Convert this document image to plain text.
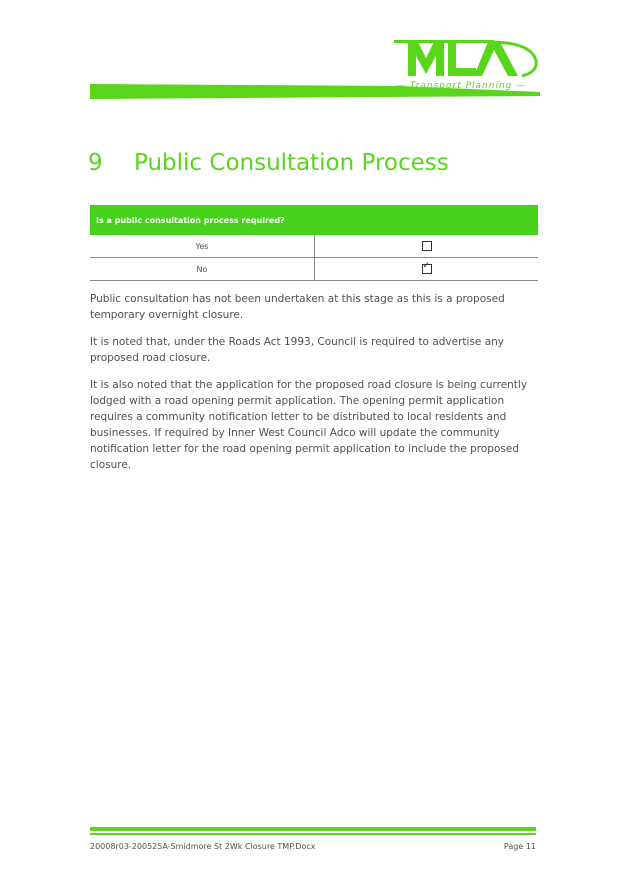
— Transport Planning —
9	Public Consultation Process
Is a public consultation process required?	
Yes	
No	✓

Public consultation has not been undertaken at this stage as this is a proposed temporary overnight closure.

It is noted that, under the Roads Act 1993, Council is required to advertise any proposed road closure.

It is also noted that the application for the proposed road closure is being currently lodged with a road opening permit application. The opening permit application requires a community notification letter to be distributed to local residents and businesses. If required by Inner West Council Adco will update the community notification letter for the road opening permit application to include the proposed closure.

20008r03-200525A-Smidmore St 2Wk Closure TMP.Docx	Page 11
